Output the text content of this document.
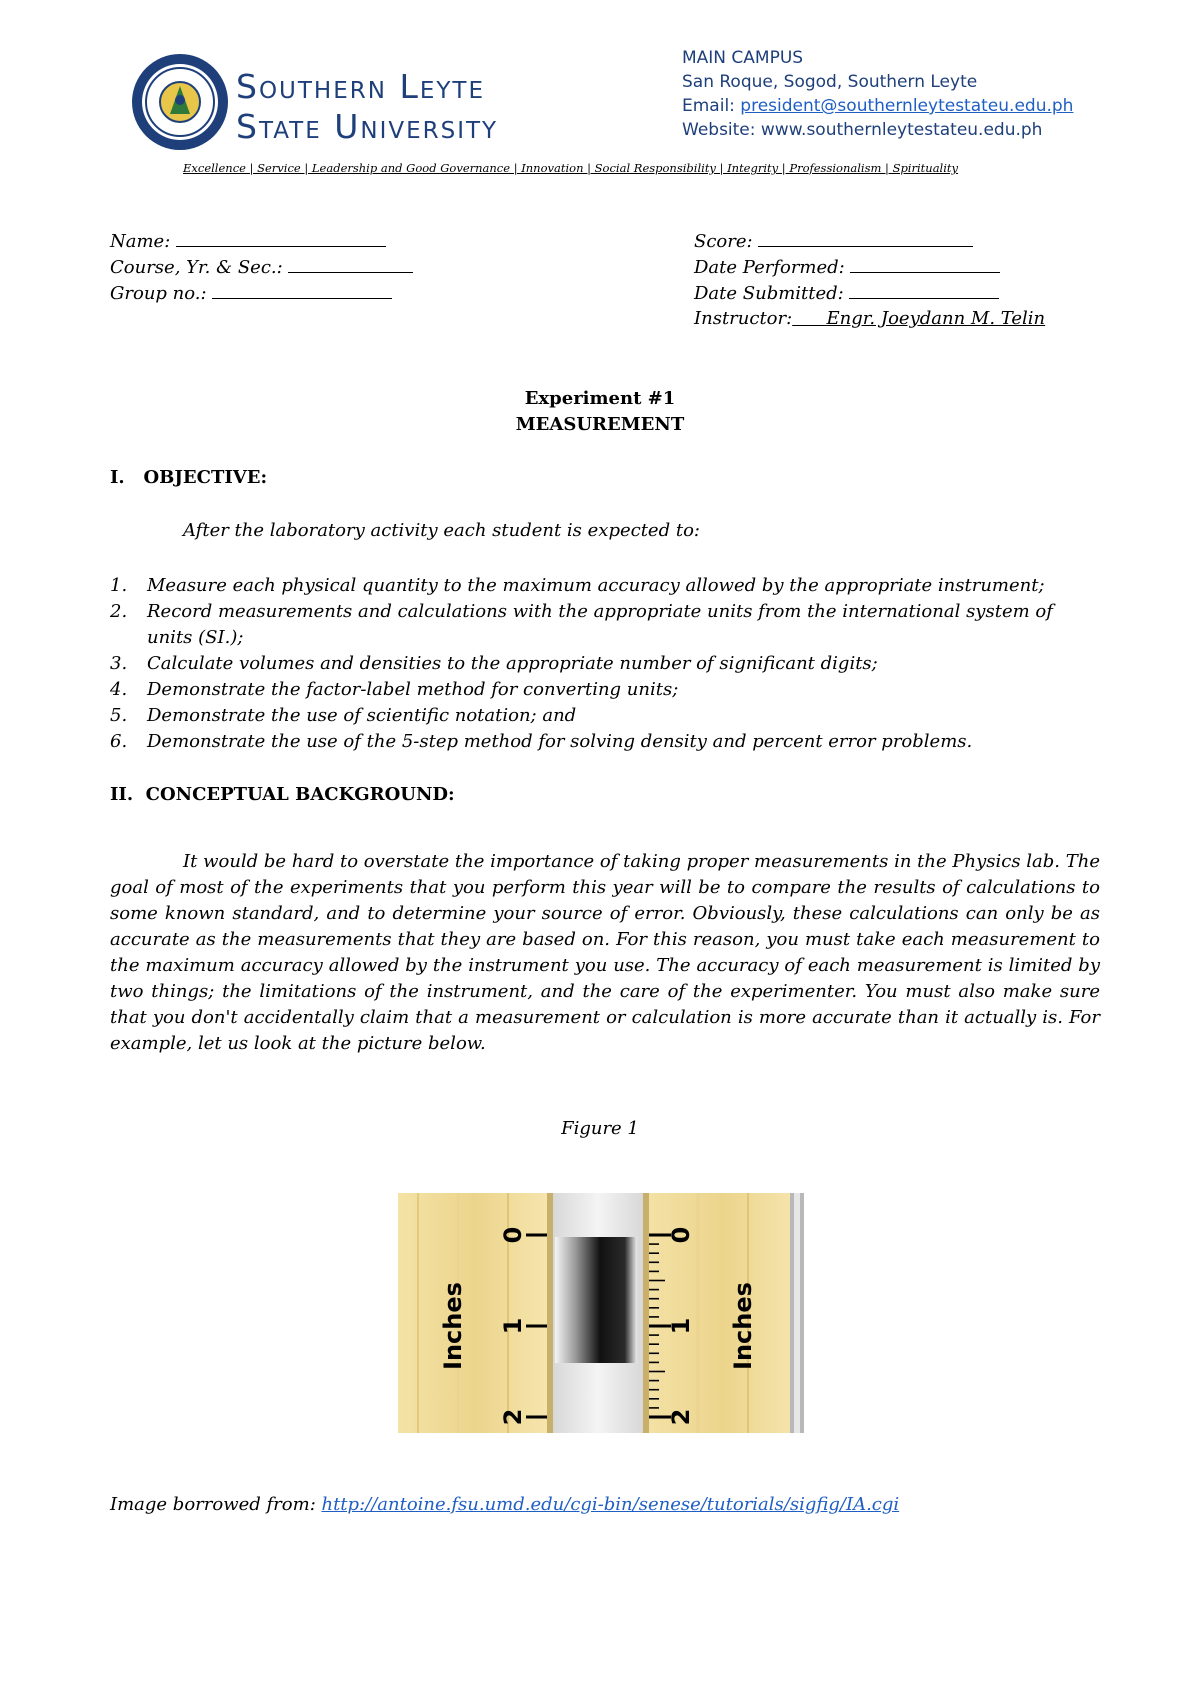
Southern Leyte
State University
MAIN CAMPUS
San Roque, Sogod, Southern Leyte
Email: president@southernleytestateu.edu.ph
Website: www.southernleytestateu.edu.ph
Excellence | Service | Leadership and Good Governance | Innovation | Social Responsibility | Integrity | Professionalism | Spirituality
Name:
Course, Yr. & Sec.:
Group no.:
Score:
Date Performed:
Date Submitted:
Instructor: Engr. Joeydann M. Telin
Experiment #1
MEASUREMENT
I.   OBJECTIVE:
After the laboratory activity each student is expected to:
1. Measure each physical quantity to the maximum accuracy allowed by the appropriate instrument;
2. Record measurements and calculations with the appropriate units from the international system of units (SI.);
3. Calculate volumes and densities to the appropriate number of significant digits;
4. Demonstrate the factor-label method for converting units;
5. Demonstrate the use of scientific notation; and
6. Demonstrate the use of the 5-step method for solving density and percent error problems.
II.  CONCEPTUAL BACKGROUND:

It would be hard to overstate the importance of taking proper measurements in the Physics lab. The goal of most of the experiments that you perform this year will be to compare the results of calculations to some known standard, and to determine your source of error. Obviously, these calculations can only be as accurate as the measurements that they are based on. For this reason, you must take each measurement to the maximum accuracy allowed by the instrument you use. The accuracy of each measurement is limited by two things; the limitations of the instrument, and the care of the experimenter. You must also make sure that you don't accidentally claim that a measurement or calculation is more accurate than it actually is. For example, let us look at the picture below.

Figure 1
0
1
2
Inches
0
1
2
Inches
Image borrowed from: http://antoine.fsu.umd.edu/cgi-bin/senese/tutorials/sigfig/IA.cgi
